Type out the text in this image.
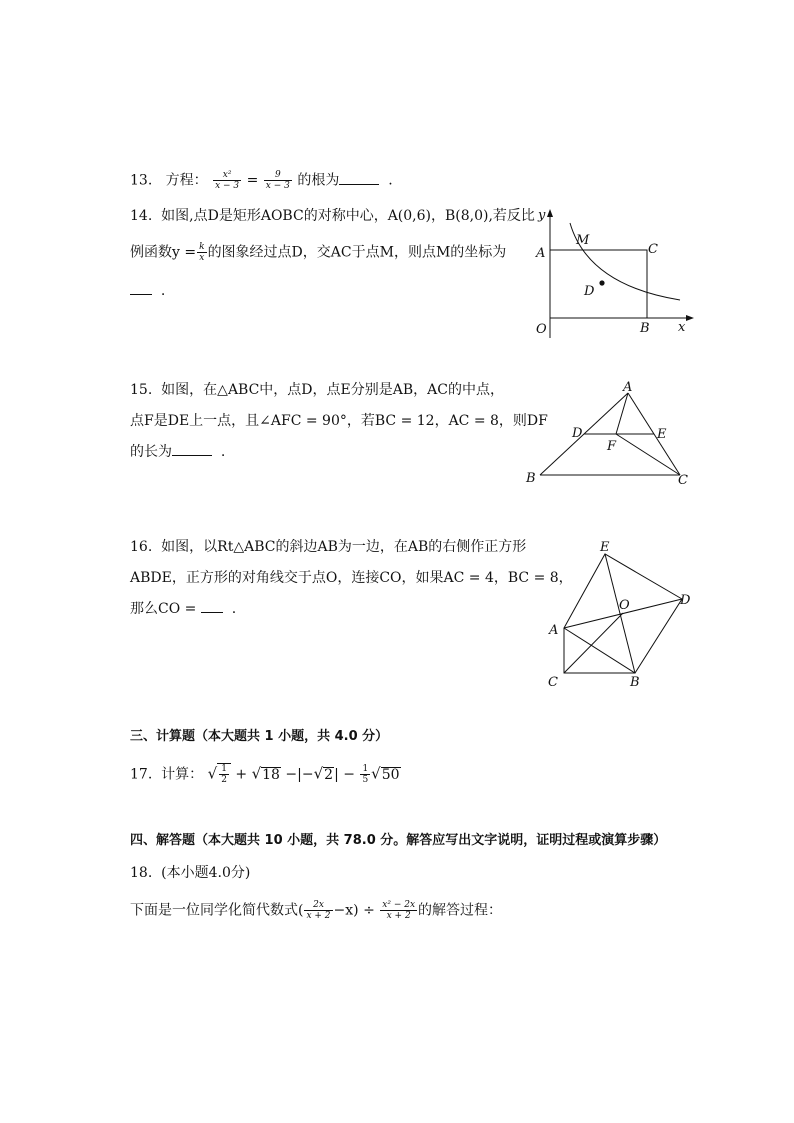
13. 方程： $\frac{\text{x²}}{x - 3} = \frac{9}{x - 3}$ 的根为	.
14. 如图,点D是矩形AOBC的对称中心，A(0,6)，B(8,0),若反比
例函数$y = \frac{k}{x}$ 的图象经过点D，交AC于点M，则点M的坐标为
.
y
A
M
C
D
O	B x
15. 如图，在△ABC中，点D，点E分别是AB，AC的中点，
点F是DE上一点，且∠AFC = 90°，若BC = 12，AC = 8，则DF
的长为	.
A
D	E
F
B	C
16. 如图，以Rt△ABC的斜边AB为一边，在AB的右侧作正方形
ABDE，正方形的对角线交于点O，连接CO，如果AC = 4，BC = 8，
那么CO =	.
E
O	D
A
C	B
三、计算题（本大题共 1 小题，共 4.0 分）
17. 计算： √ $\frac{1}{2} + √18 -|-√2| - \frac{1}{5} √50$
四、解答题（本大题共 10 小题，共 78.0 分。解答应写出文字说明，证明过程或演算步骤）
18. (本小题4.0分)
下面是一位同学化简代数式( $\frac{2x}{x + 2} -x) \div \frac{\text{x² − 2x}}{x + 2}$ 的解答过程：
